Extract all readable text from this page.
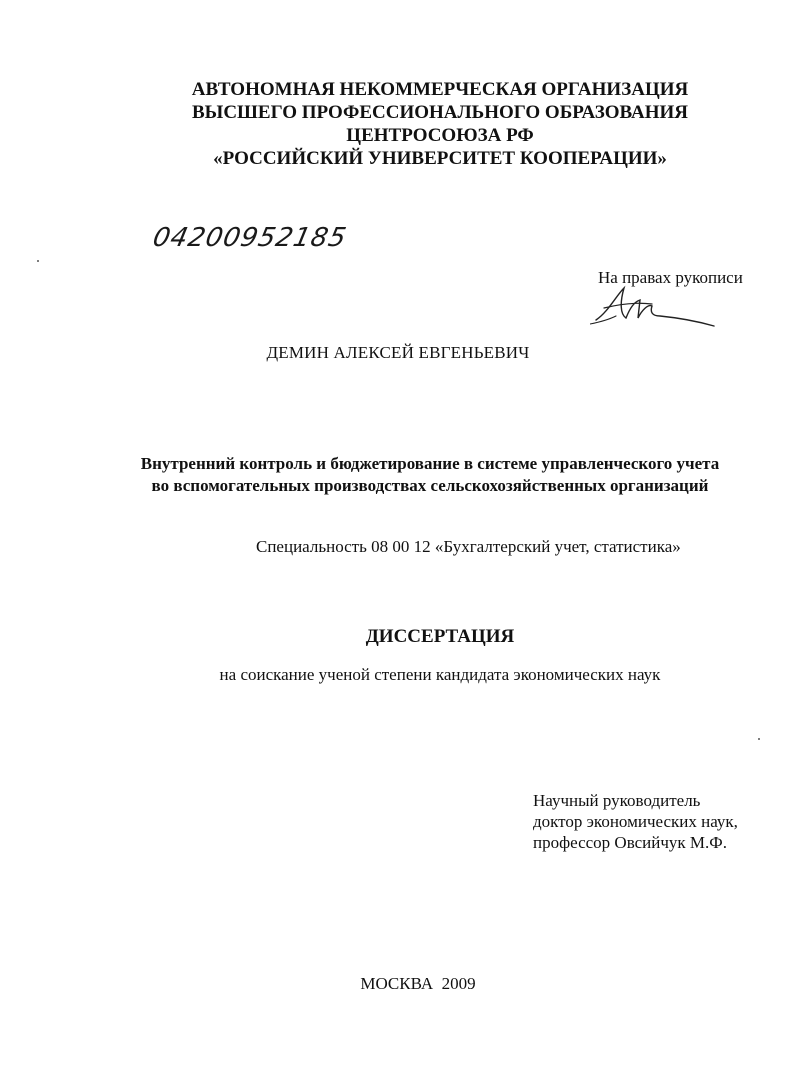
АВТОНОМНАЯ НЕКОММЕРЧЕСКАЯ ОРГАНИЗАЦИЯ
ВЫСШЕГО ПРОФЕССИОНАЛЬНОГО ОБРАЗОВАНИЯ
ЦЕНТРОСОЮЗА РФ
«РОССИЙСКИЙ УНИВЕРСИТЕТ КООПЕРАЦИИ»
04200952185
На правах рукописи
ДЕМИН АЛЕКСЕЙ ЕВГЕНЬЕВИЧ
Внутренний контроль и бюджетирование в системе управленческого учета
во вспомогательных производствах сельскохозяйственных организаций
Специальность 08 00 12 «Бухгалтерский учет, статистика»
ДИССЕРТАЦИЯ
на соискание ученой степени кандидата экономических наук
Научный руководитель
доктор экономических наук,
профессор Овсийчук М.Ф.
МОСКВА  2009
